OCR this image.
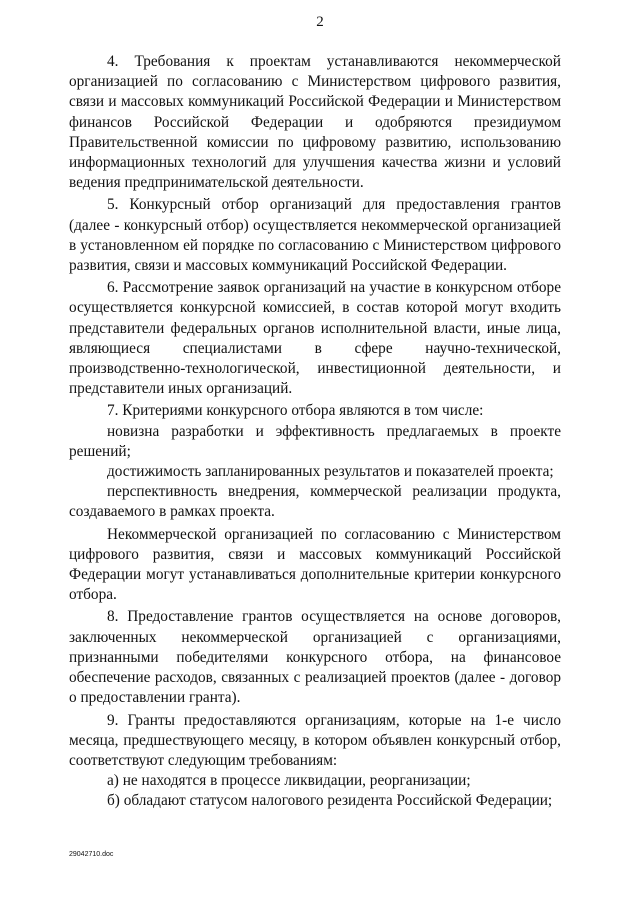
2

4. Требования к проектам устанавливаются некоммерческой организацией по согласованию с Министерством цифрового развития, связи и массовых коммуникаций Российской Федерации и Министерством финансов Российской Федерации и одобряются президиумом Правительственной комиссии по цифровому развитию, использованию информационных технологий для улучшения качества жизни и условий ведения предпринимательской деятельности.

5. Конкурсный отбор организаций для предоставления грантов (далее - конкурсный отбор) осуществляется некоммерческой организацией в установленном ей порядке по согласованию с Министерством цифрового развития, связи и массовых коммуникаций Российской Федерации.

6. Рассмотрение заявок организаций на участие в конкурсном отборе осуществляется конкурсной комиссией, в состав которой могут входить представители федеральных органов исполнительной власти, иные лица, являющиеся специалистами в сфере научно-технической, производственно-технологической, инвестиционной деятельности, и представители иных организаций.

7. Критериями конкурсного отбора являются в том числе:

новизна разработки и эффективность предлагаемых в проекте решений;

достижимость запланированных результатов и показателей проекта;

перспективность внедрения, коммерческой реализации продукта, создаваемого в рамках проекта.

Некоммерческой организацией по согласованию с Министерством цифрового развития, связи и массовых коммуникаций Российской Федерации могут устанавливаться дополнительные критерии конкурсного отбора.

8. Предоставление грантов осуществляется на основе договоров, заключенных некоммерческой организацией с организациями, признанными победителями конкурсного отбора, на финансовое обеспечение расходов, связанных с реализацией проектов (далее - договор о предоставлении гранта).

9. Гранты предоставляются организациям, которые на 1-е число месяца, предшествующего месяцу, в котором объявлен конкурсный отбор, соответствуют следующим требованиям:

а) не находятся в процессе ликвидации, реорганизации;

б) обладают статусом налогового резидента Российской Федерации;

29042710.doc
